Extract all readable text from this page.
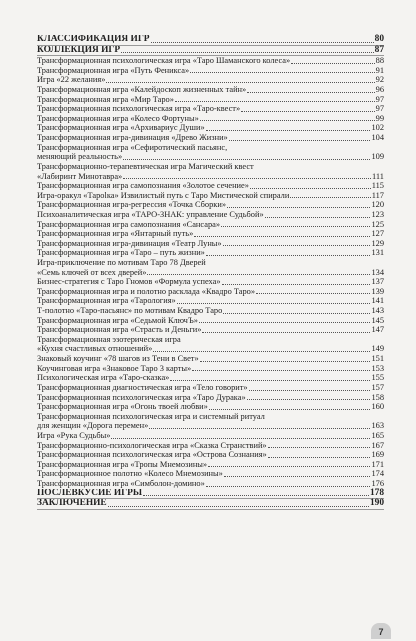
КЛАССИФИКАЦИЯ ИГР	80
КОЛЛЕКЦИЯ ИГР	87
Трансформационная психологическая игра «Таро Шаманского колеса»	88
Трансформационная игра «Путь Феникса»	91
Игра «22 желания»	92
Трансформационная игра «Калейдоскоп жизненных тайн»	96
Трансформационная игра «Мир Таро»	97
Трансформационная психологическая игра «Таро-квест»	97
Трансформационная игра «Колесо Фортуны»	99
Трансформационная игра «Архивариус Души»	102
Трансформационная игра-дивинация «Древо Жизни»	104
Трансформационная игра «Сефиротический пасьянс,
меняющий реальность»	109
Трансформационно-терапевтическая игра Магический квест
«Лабиринт Минотавра»	111
Трансформационная игра самопознания «Золотое сечение»	115
Игра-оракул «Тароlка» Извилистый путь с Таро Мистической спирали	117
Трансформационная игра-регрессия «Точка Сборки»	120
Психоаналитическая игра «ТАРО-ЗНАК: управление Судьбой»	123
Трансформационная игра самопознания «Сансара»	125
Трансформационная игра «Янтарный путь»	127
Трансформационная игра-дивинация «Театр Луны»	129
Трансформационная игра «Таро – путь жизни»	131
Игра-приключение по мотивам Таро 78 Дверей
«Семь ключей от всех дверей»	134
Бизнес-стратегия с Таро Гномов «Формула успеха»	137
Трансформационная игра и полотно расклада «Квадро Таро»	139
Трансформационная игра «Тарология»	141
Т-полотно «Таро-пасьянс» по мотивам Квадро Таро	143
Трансформационная игра «Седьмой КлючЪ»	145
Трансформационная игра «Страсть и Деньги»	147
Трансформационная эзотерическая игра
«Кухня счастливых отношений»	149
Знаковый коучинг «78 шагов из Тени в Свет»	151
Коучинговая игра «Знаковое Таро 3 карты»	153
Психологическая игра «Таро-сказка»	155
Трансформационная диагностическая игра «Тело говорит»	157
Трансформационная психологическая игра «Таро Дурака»	158
Трансформационная игра «Огонь твоей любви»	160
Трансформационная психологическая игра и системный ритуал
для женщин «Дорога перемен»	163
Игра «Рука Судьбы»	165
Трансформационно-психологическая игра «Сказка Странствий»	167
Трансформационная психологическая игра «Острова Сознания»	169
Трансформационная игра «Тропы Мнемозины»	171
Трансформационное полотно «Колесо Мнемозины»	174
Трансформационная игра «Симболон-домино»	176
ПОСЛЕВКУСИЕ ИГРЫ	178
ЗАКЛЮЧЕНИЕ	190
7
